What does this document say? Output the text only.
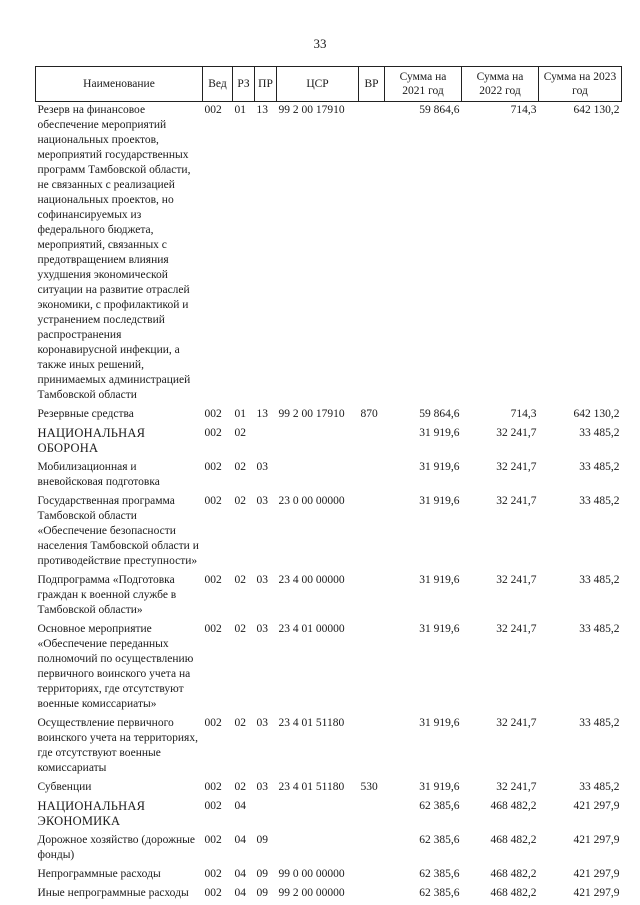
33
Наименование	Вед	РЗ	ПР	ЦСР	ВР	Сумма на 2021 год	Сумма на 2022 год	Сумма на 2023 год
Резерв на финансовое обеспечение мероприятий национальных проектов, мероприятий государственных программ Тамбовской области, не связанных с реализацией национальных проектов, но софинансируемых из федерального бюджета, мероприятий, связанных с предотвращением влияния ухудшения экономической ситуации на развитие отраслей экономики, с профилактикой и устранением последствий распространения коронавирусной инфекции, а также иных решений, принимаемых администрацией Тамбовской области	002	01	13	99 2 00 17910		59 864,6	714,3	642 130,2
Резервные средства	002	01	13	99 2 00 17910	870	59 864,6	714,3	642 130,2
НАЦИОНАЛЬНАЯ ОБОРОНА	002	02				31 919,6	32 241,7	33 485,2
Мобилизационная и вневойсковая подготовка	002	02	03			31 919,6	32 241,7	33 485,2
Государственная программа Тамбовской области «Обеспечение безопасности населения Тамбовской области и противодействие преступности»	002	02	03	23 0 00 00000		31 919,6	32 241,7	33 485,2
Подпрограмма «Подготовка граждан к военной службе в Тамбовской области»	002	02	03	23 4 00 00000		31 919,6	32 241,7	33 485,2
Основное мероприятие «Обеспечение переданных полномочий по осуществлению первичного воинского учета на территориях, где отсутствуют военные комиссариаты»	002	02	03	23 4 01 00000		31 919,6	32 241,7	33 485,2
Осуществление первичного воинского учета на территориях, где отсутствуют военные комиссариаты	002	02	03	23 4 01 51180		31 919,6	32 241,7	33 485,2
Субвенции	002	02	03	23 4 01 51180	530	31 919,6	32 241,7	33 485,2
НАЦИОНАЛЬНАЯ ЭКОНОМИКА	002	04				62 385,6	468 482,2	421 297,9
Дорожное хозяйство (дорожные фонды)	002	04	09			62 385,6	468 482,2	421 297,9
Непрограммные расходы	002	04	09	99 0 00 00000		62 385,6	468 482,2	421 297,9
Иные непрограммные расходы	002	04	09	99 2 00 00000		62 385,6	468 482,2	421 297,9
